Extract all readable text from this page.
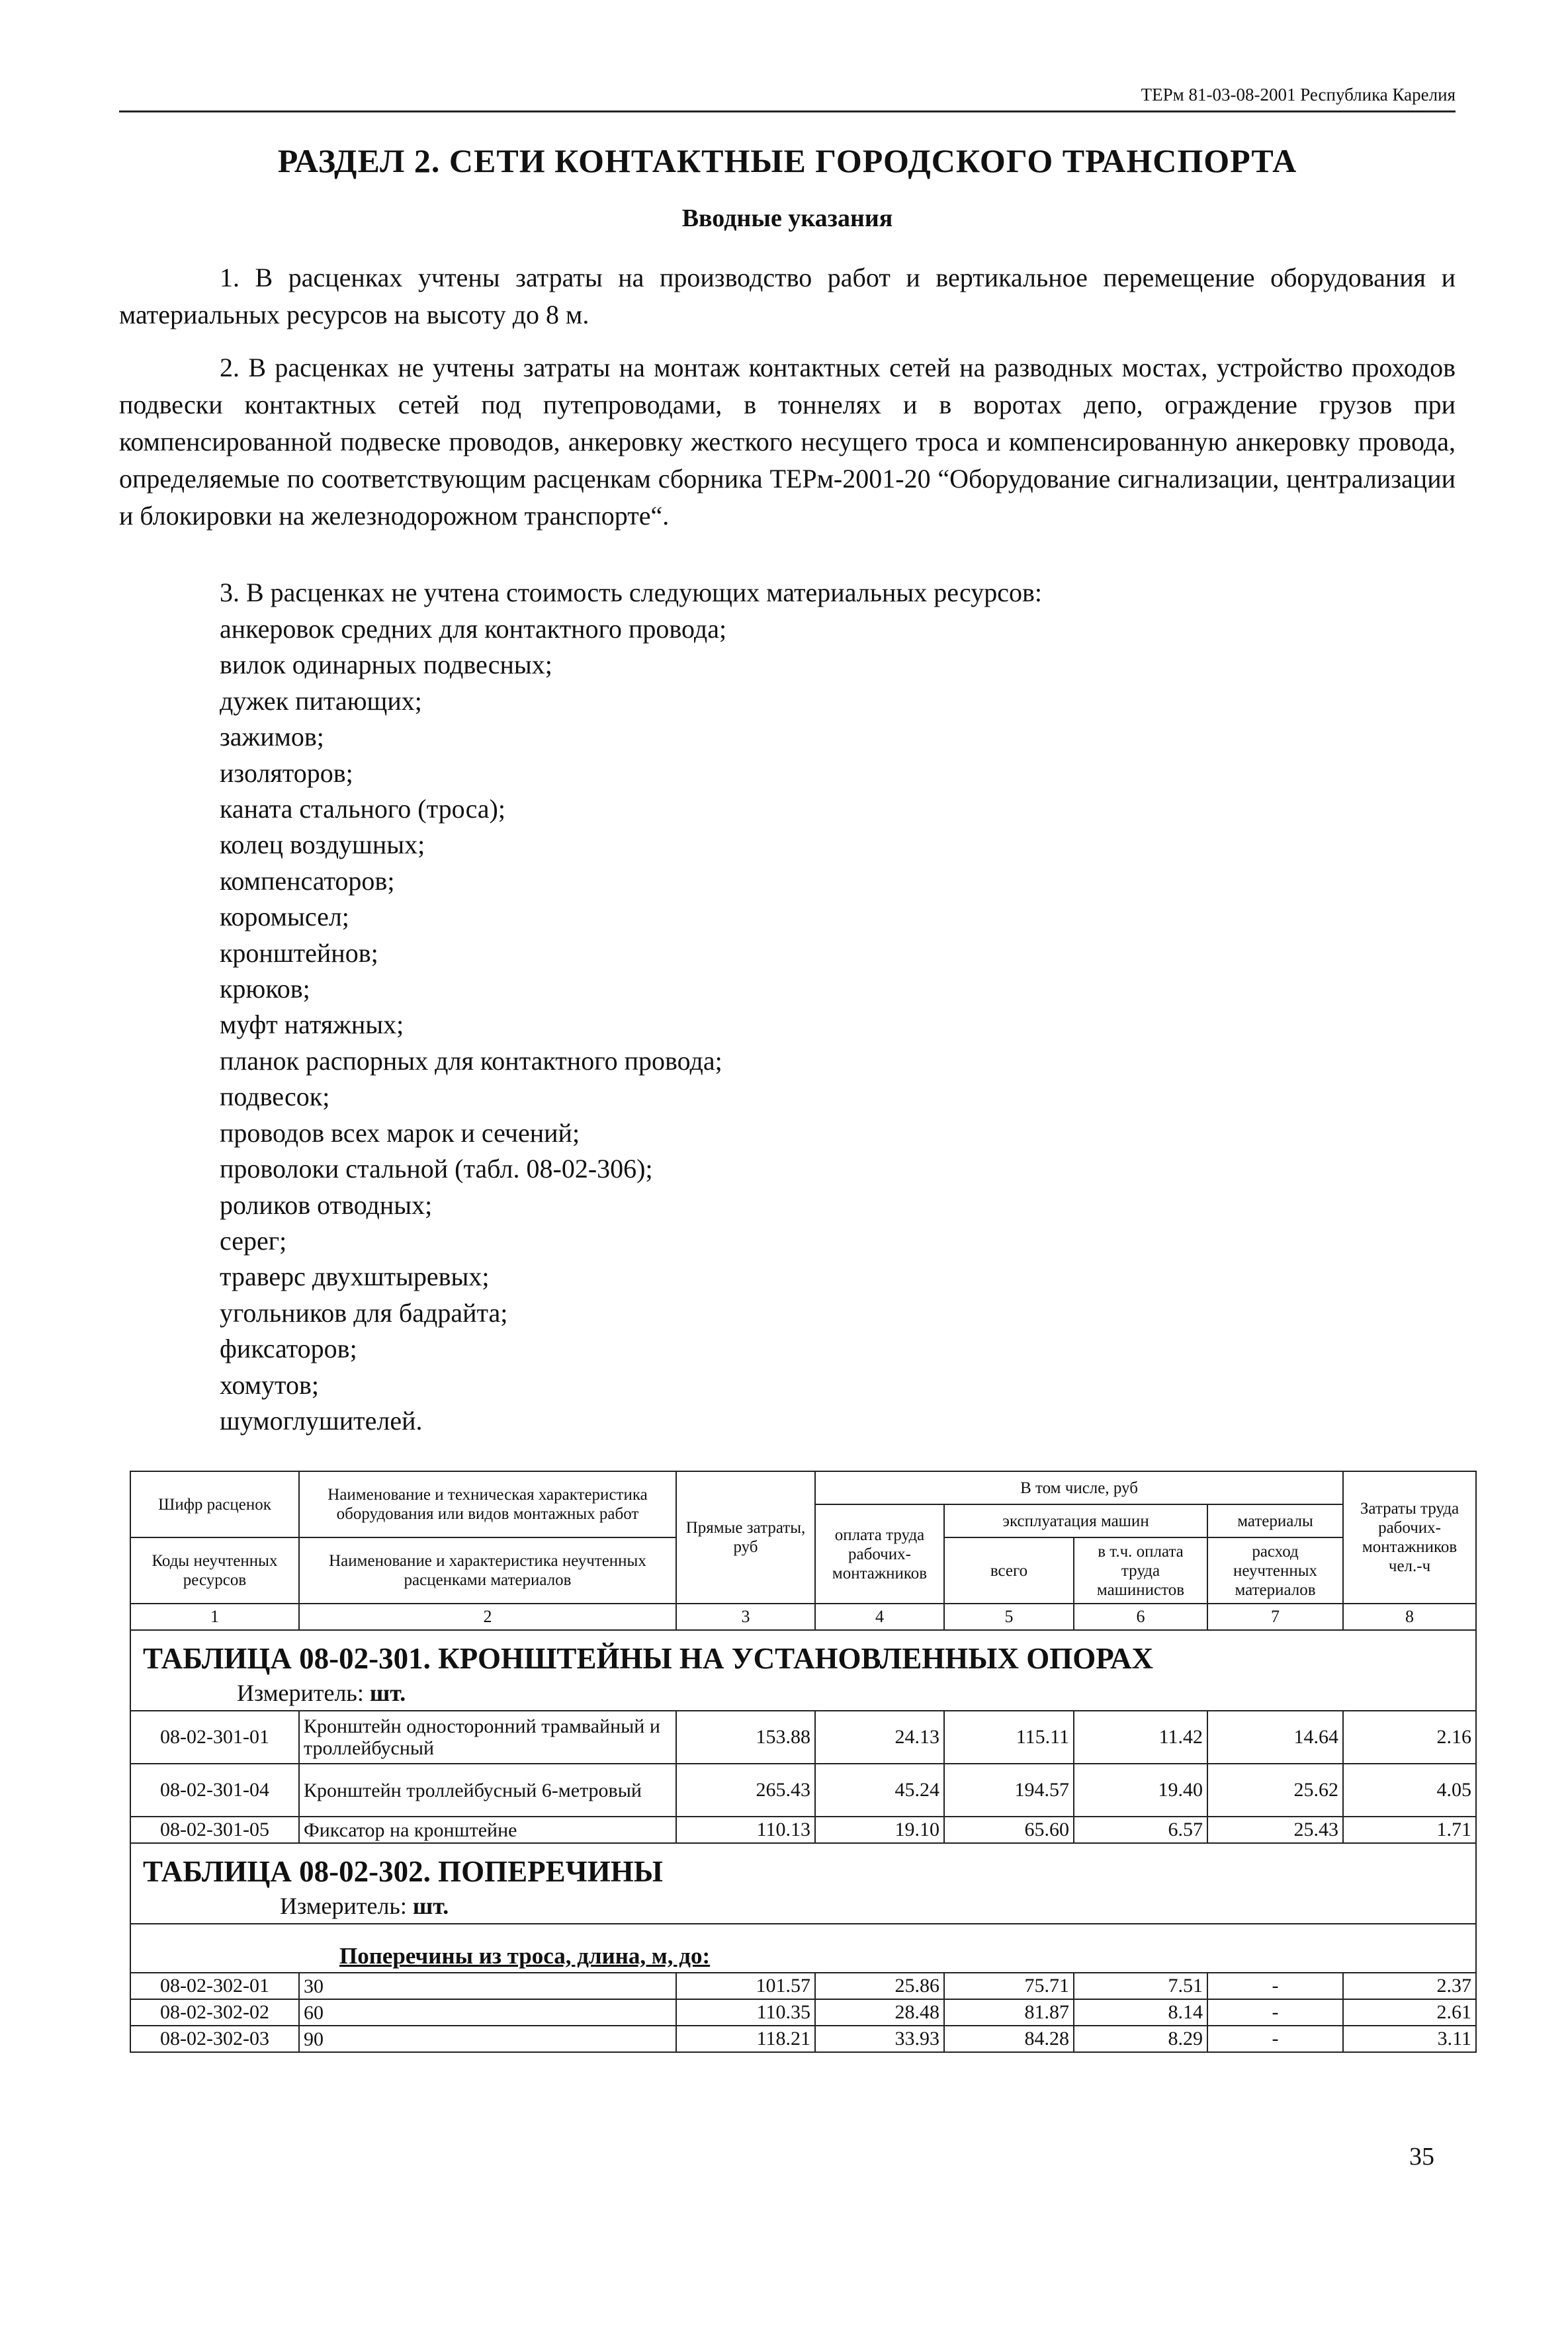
ТЕРм 81-03-08-2001 Республика Карелия
РАЗДЕЛ 2. СЕТИ КОНТАКТНЫЕ ГОРОДСКОГО ТРАНСПОРТА
Вводные указания
1. В расценках учтены затраты на производство работ и вертикальное перемещение оборудования и материальных ресурсов на высоту до 8 м.
2. В расценках не учтены затраты на монтаж контактных сетей на разводных мостах, устройство проходов подвески контактных сетей под путепроводами, в тоннелях и в воротах депо, ограждение грузов при компенсированной подвеске проводов, анкеровку жесткого несущего троса и компенсированную анкеровку провода, определяемые по соответствующим расценкам сборника ТЕРм-2001-20 “Оборудование сигнализации, централизации и блокировки на железнодорожном транспорте“.
3. В расценках не учтена стоимость следующих материальных ресурсов:
анкеровок средних для контактного провода;
вилок одинарных подвесных;
дужек питающих;
зажимов;
изоляторов;
каната стального (троса);
колец воздушных;
компенсаторов;
коромысел;
кронштейнов;
крюков;
муфт натяжных;
планок распорных для контактного провода;
подвесок;
проводов всех марок и сечений;
проволоки стальной (табл. 08-02-306);
роликов отводных;
серег;
траверс двухштыревых;
угольников для бадрайта;
фиксаторов;
хомутов;
шумоглушителей.
Шифр расценок	Наименование и техническая характеристика оборудования или видов монтажных работ	Прямые затраты, руб	В том числе, руб				Затраты труда рабочих-монтажников чел.-ч
			оплата труда рабочих-монтажников	эксплуатация машин		материалы	
Коды неучтенных ресурсов	Наименование и характеристика неучтенных расценками материалов			всего	в т.ч. оплата труда машинистов	расход неучтенных материалов	

1	2	3	4	5	6	7	8
ТАБЛИЦА 08-02-301. КРОНШТЕЙНЫ НА УСТАНОВЛЕННЫХ ОПОРАХ							
Измеритель: шт.							
08-02-301-01	Кронштейн односторонний трамвайный и троллейбусный	153.88	24.13	115.11	11.42	14.64	2.16
08-02-301-04	Кронштейн троллейбусный 6-метровый	265.43	45.24	194.57	19.40	25.62	4.05
08-02-301-05	Фиксатор на кронштейне	110.13	19.10	65.60	6.57	25.43	1.71
ТАБЛИЦА 08-02-302. ПОПЕРЕЧИНЫ							
Измеритель: шт.							
Поперечины из троса, длина, м, до:							
08-02-302-01	30	101.57	25.86	75.71	7.51	-	2.37
08-02-302-02	60	110.35	28.48	81.87	8.14	-	2.61
08-02-302-03	90	118.21	33.93	84.28	8.29	-	3.11
35
